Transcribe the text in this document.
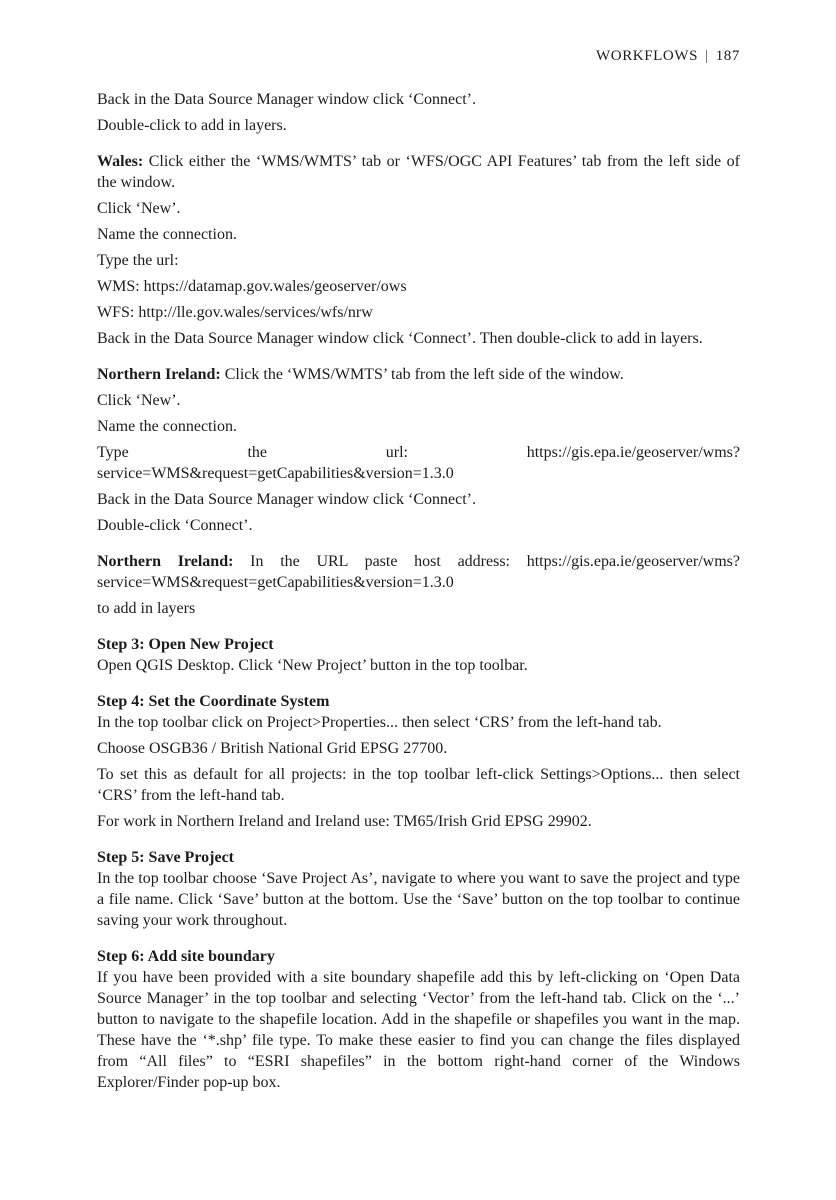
WORKFLOWS | 187

Back in the Data Source Manager window click ‘Connect’.

Double-click to add in layers.

Wales: Click either the ‘WMS/WMTS’ tab or ‘WFS/OGC API Features’ tab from the left side of the window.

Click ‘New’.

Name the connection.

Type the url:

WMS: https://datamap.gov.wales/geoserver/ows

WFS: http://lle.gov.wales/services/wfs/nrw

Back in the Data Source Manager window click ‘Connect’. Then double-click to add in layers.

Northern Ireland: Click the ‘WMS/WMTS’ tab from the left side of the window.

Click ‘New’.

Name the connection.

Type the url: https://gis.epa.ie/geoserver/wms?service=WMS&request=getCapabilities&version=1.3.0

Back in the Data Source Manager window click ‘Connect’.

Double-click ‘Connect’.

Northern Ireland: In the URL paste host address: https://gis.epa.ie/geoserver/wms?service=WMS&request=getCapabilities&version=1.3.0

to add in layers

Step 3: Open New Project

Open QGIS Desktop. Click ‘New Project’ button in the top toolbar.

Step 4: Set the Coordinate System

In the top toolbar click on Project>Properties... then select ‘CRS’ from the left-hand tab.

Choose OSGB36 / British National Grid EPSG 27700.

To set this as default for all projects: in the top toolbar left-click Settings>Options... then select ‘CRS’ from the left-hand tab.

For work in Northern Ireland and Ireland use: TM65/Irish Grid EPSG 29902.

Step 5: Save Project

In the top toolbar choose ‘Save Project As’, navigate to where you want to save the project and type a file name. Click ‘Save’ button at the bottom. Use the ‘Save’ button on the top toolbar to continue saving your work throughout.

Step 6: Add site boundary

If you have been provided with a site boundary shapefile add this by left-clicking on ‘Open Data Source Manager’ in the top toolbar and selecting ‘Vector’ from the left-hand tab. Click on the ‘...’ button to navigate to the shapefile location. Add in the shapefile or shapefiles you want in the map. These have the ‘*.shp’ file type. To make these easier to find you can change the files displayed from “All files” to “ESRI shapefiles” in the bottom right-hand corner of the Windows Explorer/Finder pop-up box.
